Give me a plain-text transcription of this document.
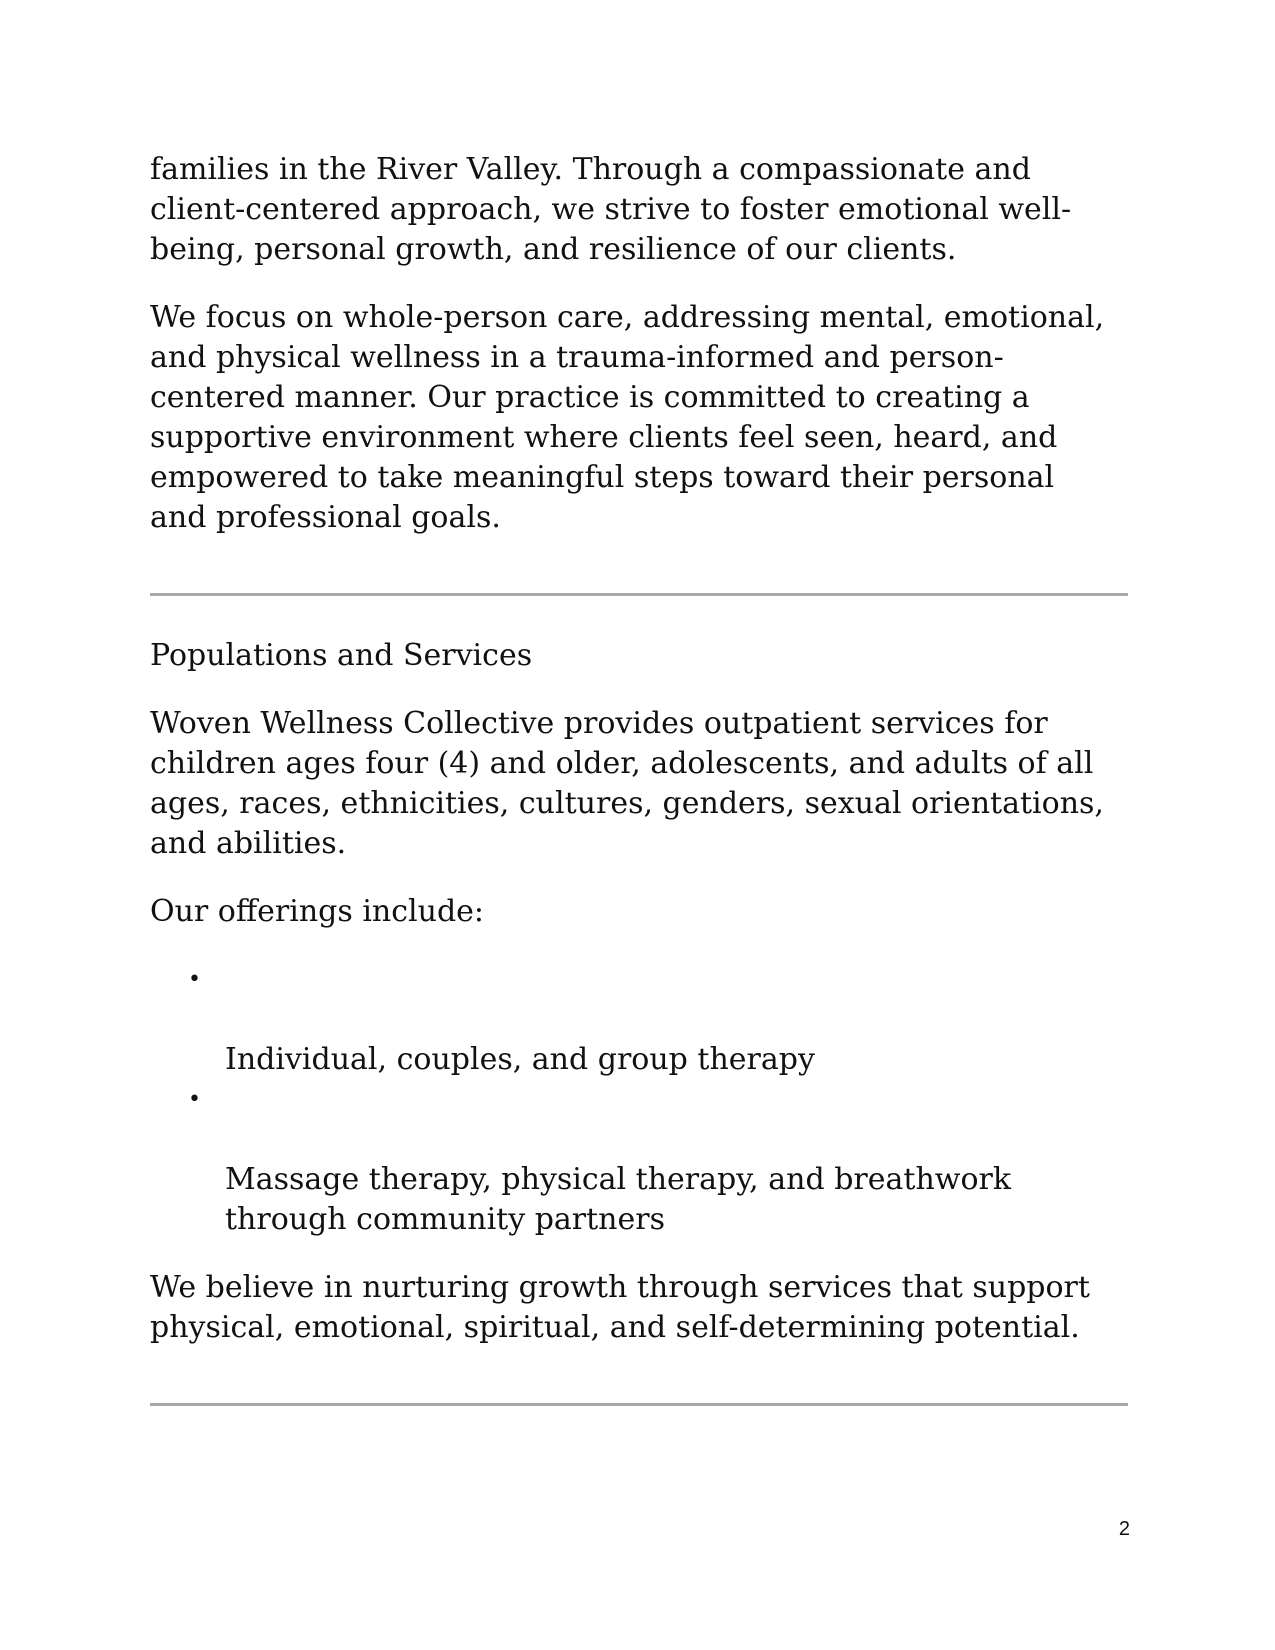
families in the River Valley. Through a compassionate and
client-centered approach, we strive to foster emotional well-
being, personal growth, and resilience of our clients.

We focus on whole-person care, addressing mental, emotional,
and physical wellness in a trauma-informed and person-
centered manner. Our practice is committed to creating a
supportive environment where clients feel seen, heard, and
empowered to take meaningful steps toward their personal
and professional goals.

Populations and Services

Woven Wellness Collective provides outpatient services for
children ages four (4) and older, adolescents, and adults of all
ages, races, ethnicities, cultures, genders, sexual orientations,
and abilities.

Our offerings include:

•

Individual, couples, and group therapy

•

Massage therapy, physical therapy, and breathwork
through community partners

We believe in nurturing growth through services that support
physical, emotional, spiritual, and self-determining potential.

2
